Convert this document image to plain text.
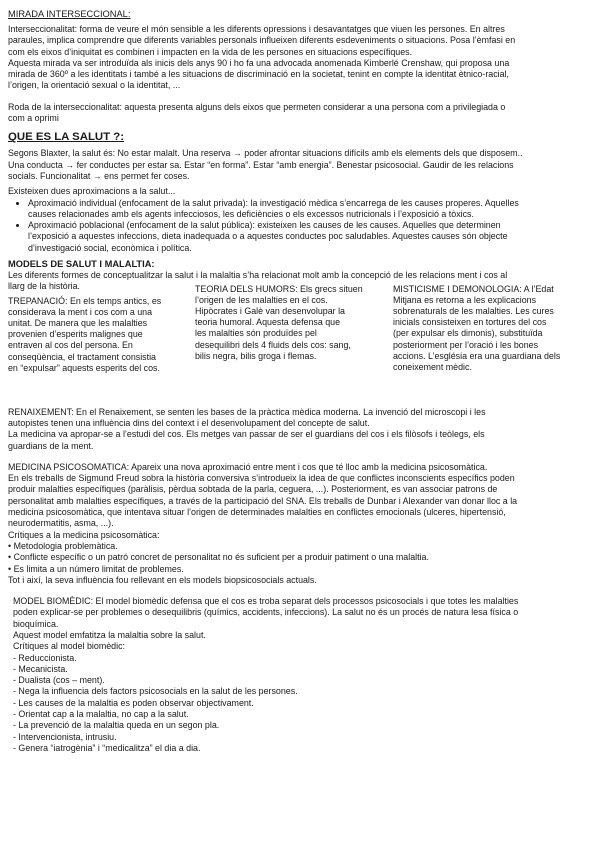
MIRADA INTERSECCIONAL:

Interseccionalitat: forma de veure el món sensible a les diferents opressions i desavantatges que viuen les persones. En altres

paraules, implica comprendre que diferents variables personals influeixen diferents esdeveniments o situacions. Posa l’èmfasi en

com els eixos d’iniquitat es combinen i impacten en la vida de les persones en situacions específiques.

Aquesta mirada va ser introduïda als inicis dels anys 90 i ho fa una advocada anomenada Kimberlé Crenshaw, qui proposa una

mirada de 360º a les identitats i també a les situacions de discriminació en la societat, tenint en compte la identitat ètnico-racial,

l’origen, la orientació sexual o la identitat, ...

Roda de la interseccionalitat: aquesta presenta alguns dels eixos que permeten considerar a una persona com a privilegiada o

com a oprimi

QUE ES LA SALUT ?:

Segons Blaxter, la salut és: No estar malalt. Una reserva → poder afrontar situacions difícils amb els elements dels que disposem..

Una conducta → fer conductes per estar sa. Estar “en forma”. Estar “amb energia”. Benestar psicosocial. Gaudir de les relacions

socials. Funcionalitat → ens permet fer coses.

Existeixen dues aproximacions a la salut...

• Aproximació individual (enfocament de la salut privada): la investigació mèdica s’encarrega de les causes properes. Aquelles
causes relacionades amb els agents infecciosos, les deficiències o els excessos nutricionals i l’exposició a tòxics.
• Aproximació poblacional (enfocament de la salut pública): existeixen les causes de les causes. Aquelles que determinen
l’exposició a aquestes infeccions, dieta inadequada o a aquestes conductes poc saludables. Aquestes causes són objecte
d’investigació social, econòmica i política.

MODELS DE SALUT I MALALTIA:

Les diferents formes de conceptualitzar la salut i la malaltia s’ha relacionat molt amb la concepció de les relacions ment i cos al

llarg de la història.

TREPANACIÓ: En els temps antics, es
considerava la ment i cos com a una
unitat. De manera que les malalties
provenien d’esperits malignes que
entraven al cos del persona. En
conseqüència, el tractament consistia
en “expulsar” aquests esperits del cos.
TEORIA DELS HUMORS: Els grecs situen
l’origen de les malalties en el cos.
Hipòcrates i Galè van desenvolupar la
teoria humoral. Aquesta defensa que
les malalties són produïdes pel
desequilibri dels 4 fluids dels cos: sang,
bilis negra, bilis groga i flemas.
MISTICISME I DEMONOLOGIA: A l’Edat
Mitjana es retorna a les explicacions
sobrenaturals de les malalties. Les cures
inicials consisteixen en tortures del cos
(per expulsar els dimonis), substituïda
posteriorment per l’oració i les bones
accions. L’església era una guardiana dels
coneixement mèdic.

RENAIXEMENT: En el Renaixement, se senten les bases de la pràctica mèdica moderna. La invenció del microscopi i les

autopistes tenen una influència dins del context i el desenvolupament del concepte de salut.

La medicina va apropar-se a l’estudi del cos. Els metges van passar de ser el guardians del cos i els filòsofs i teòlegs, els

guardians de la ment.

MEDICINA PSICOSOMATICA: Apareix una nova aproximació entre ment i cos que té lloc amb la medicina psicosomàtica.

En els treballs de Sigmund Freud sobra la història conversiva s’introdueix la idea de que conflictes inconscients específics poden

produir malalties específiques (paràlisis, pèrdua sobtada de la parla, ceguera, ...). Posteriorment, es van associar patrons de

personalitat amb malalties específiques, a través de la participació del SNA. Els treballs de Dunbar i Alexander van donar lloc a la

medicina psicosomàtica, que intentava situar l’origen de determinades malalties en conflictes emocionals (ulceres, hipertensió,

neurodermatitis, asma, ...).

Crítiques a la medicina psicosomàtica:

• Metodologia problemàtica.

• Conflicte específic o un patró concret de personalitat no és suficient per a produir patiment o una malaltia.

• Es limita a un número limitat de problemes.

Tot i així, la seva influència fou rellevant en els models biopsicosocials actuals.

MODEL BIOMÈDIC: El model biomèdic defensa que el cos es troba separat dels processos psicosocials i que totes les malalties

poden explicar-se per problemes o desequilibris (químics, accidents, infeccions). La salut no és un procés de natura lesa física o

bioquímica.

Aquest model emfatitza la malaltia sobre la salut.

Crítiques al model biomèdic:

- Reduccionista.

- Mecanicista.

- Dualista (cos – ment).

- Nega la influencia dels factors psicosocials en la salut de les persones.

- Les causes de la malaltia es poden observar objectivament.

- Orientat cap a la malaltia, no cap a la salut.

- La prevenció de la malaltia queda en un segon pla.

- Intervencionista, intrusiu.

- Genera “iatrogènia” i “medicalitza” el dia a dia.
